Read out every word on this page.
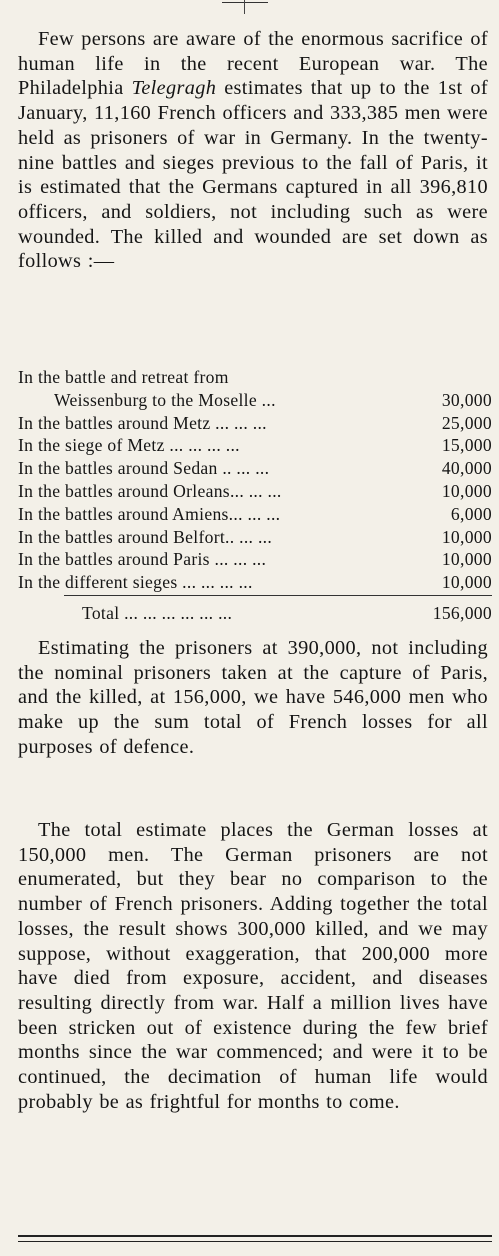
Few persons are aware of the enormous sacrifice of human life in the recent European war. The Philadelphia Telegragh estimates that up to the 1st of January, 11,160 French officers and 333,385 men were held as prisoners of war in Germany. In the twenty-nine battles and sieges previous to the fall of Paris, it is estimated that the Germans captured in all 396,810 officers, and soldiers, not including such as were wounded. The killed and wounded are set down as follows :—

In the battle and retreat from
Weissenburg to the Moselle ...	30,000
In the battles around Metz ... ... ...	25,000
In the siege of Metz ... ... ... ...	15,000
In the battles around Sedan .. ... ...	40,000
In the battles around Orleans... ... ...	10,000
In the battles around Amiens... ... ...	6,000
In the battles around Belfort.. ... ...	10,000
In the battles around Paris ... ... ...	10,000
In the different sieges ... ... ... ...	10,000
Total ... ... ... ... ... ...	156,000

Estimating the prisoners at 390,000, not including the nominal prisoners taken at the capture of Paris, and the killed, at 156,000, we have 546,000 men who make up the sum total of French losses for all purposes of defence.

The total estimate places the German losses at 150,000 men. The German prisoners are not enumerated, but they bear no comparison to the number of French prisoners. Adding together the total losses, the result shows 300,000 killed, and we may suppose, without exaggeration, that 200,000 more have died from exposure, accident, and diseases resulting directly from war. Half a million lives have been stricken out of existence during the few brief months since the war commenced; and were it to be continued, the decimation of human life would probably be as frightful for months to come.
